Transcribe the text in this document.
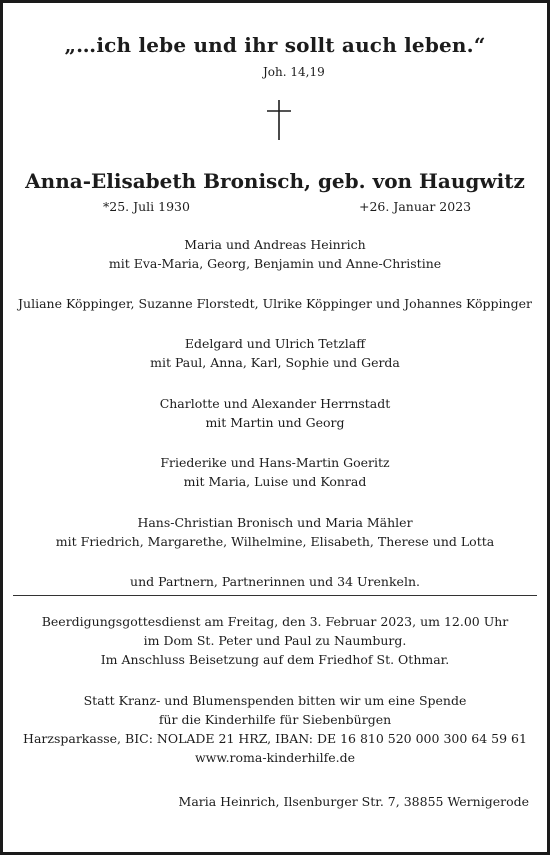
„…ich lebe und ihr sollt auch leben.“
Joh. 14,19
Anna-Elisabeth Bronisch, geb. von Haugwitz
*25. Juli 1930	+26. Januar 2023
Maria und Andreas Heinrich
mit Eva-Maria, Georg, Benjamin und Anne-Christine
Juliane Köppinger, Suzanne Florstedt, Ulrike Köppinger und Johannes Köppinger
Edelgard und Ulrich Tetzlaff
mit Paul, Anna, Karl, Sophie und Gerda
Charlotte und Alexander Herrnstadt
mit Martin und Georg
Friederike und Hans-Martin Goeritz
mit Maria, Luise und Konrad
Hans-Christian Bronisch und Maria Mähler
mit Friedrich, Margarethe, Wilhelmine, Elisabeth, Therese und Lotta
und Partnern, Partnerinnen und 34 Urenkeln.
Beerdigungsgottesdienst am Freitag, den 3. Februar 2023, um 12.00 Uhr
im Dom St. Peter und Paul zu Naumburg.
Im Anschluss Beisetzung auf dem Friedhof St. Othmar.
Statt Kranz- und Blumenspenden bitten wir um eine Spende
für die Kinderhilfe für Siebenbürgen
Harzsparkasse, BIC: NOLADE 21 HRZ, IBAN: DE 16 810 520 000 300 64 59 61
www.roma-kinderhilfe.de
Maria Heinrich, Ilsenburger Str. 7, 38855 Wernigerode
